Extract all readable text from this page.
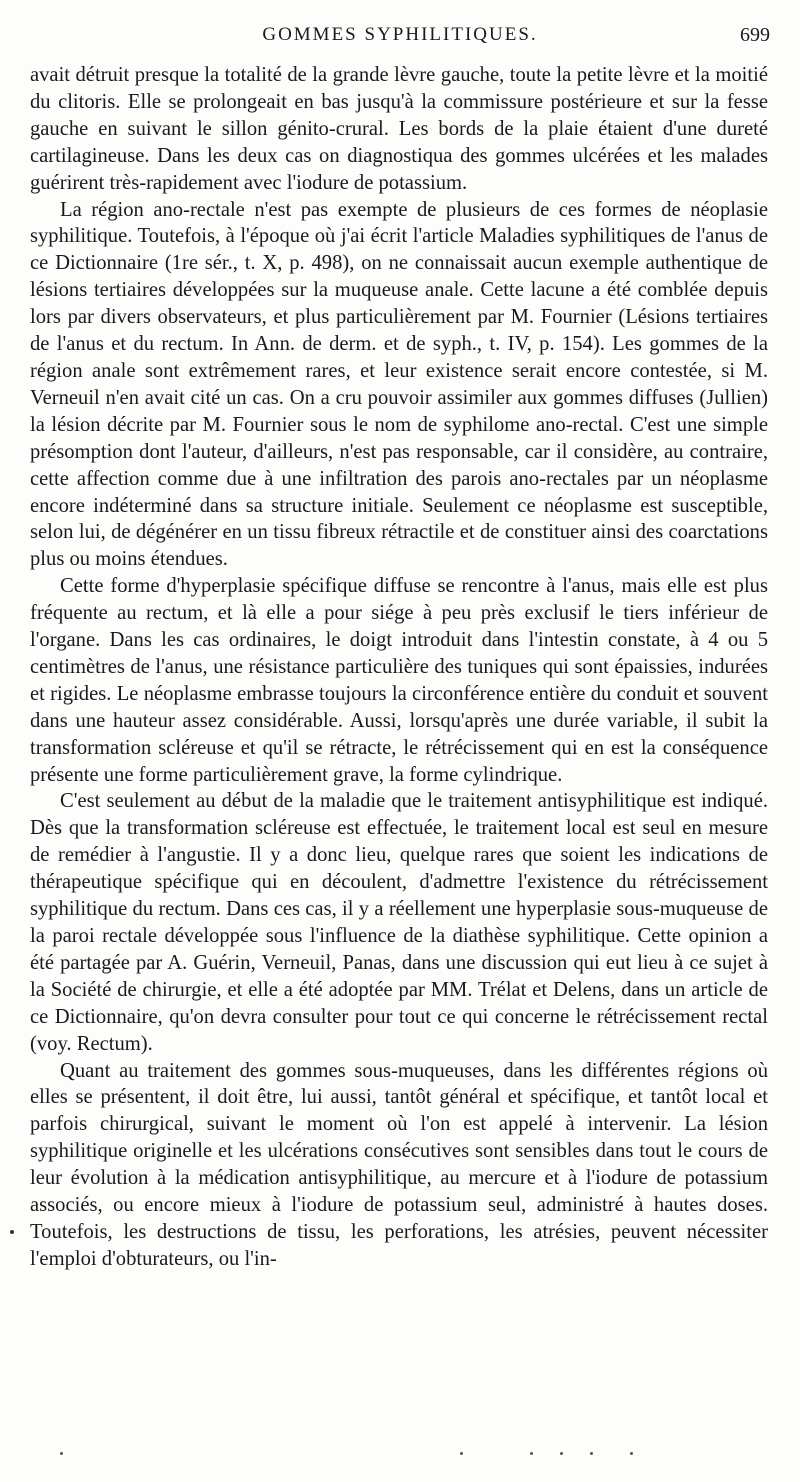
GOMMES SYPHILITIQUES.	699

avait détruit presque la totalité de la grande lèvre gauche, toute la petite lèvre et la moitié du clitoris. Elle se prolongeait en bas jusqu'à la commissure postérieure et sur la fesse gauche en suivant le sillon génito-crural. Les bords de la plaie étaient d'une dureté cartilagineuse. Dans les deux cas on diagnostiqua des gommes ulcérées et les malades guérirent très-rapidement avec l'iodure de potassium.

La région ano-rectale n'est pas exempte de plusieurs de ces formes de néoplasie syphilitique. Toutefois, à l'époque où j'ai écrit l'article Maladies syphilitiques de l'anus de ce Dictionnaire (1re sér., t. X, p. 498), on ne connaissait aucun exemple authentique de lésions tertiaires développées sur la muqueuse anale. Cette lacune a été comblée depuis lors par divers observateurs, et plus particulièrement par M. Fournier (Lésions tertiaires de l'anus et du rectum. In Ann. de derm. et de syph., t. IV, p. 154). Les gommes de la région anale sont extrêmement rares, et leur existence serait encore contestée, si M. Verneuil n'en avait cité un cas. On a cru pouvoir assimiler aux gommes diffuses (Jullien) la lésion décrite par M. Fournier sous le nom de syphilome ano-rectal. C'est une simple présomption dont l'auteur, d'ailleurs, n'est pas responsable, car il considère, au contraire, cette affection comme due à une infiltration des parois ano-rectales par un néoplasme encore indéterminé dans sa structure initiale. Seulement ce néoplasme est susceptible, selon lui, de dégénérer en un tissu fibreux rétractile et de constituer ainsi des coarctations plus ou moins étendues.

Cette forme d'hyperplasie spécifique diffuse se rencontre à l'anus, mais elle est plus fréquente au rectum, et là elle a pour siége à peu près exclusif le tiers inférieur de l'organe. Dans les cas ordinaires, le doigt introduit dans l'intestin constate, à 4 ou 5 centimètres de l'anus, une résistance particulière des tuniques qui sont épaissies, indurées et rigides. Le néoplasme embrasse toujours la circonférence entière du conduit et souvent dans une hauteur assez considérable. Aussi, lorsqu'après une durée variable, il subit la transformation scléreuse et qu'il se rétracte, le rétrécissement qui en est la conséquence présente une forme particulièrement grave, la forme cylindrique.

C'est seulement au début de la maladie que le traitement antisyphilitique est indiqué. Dès que la transformation scléreuse est effectuée, le traitement local est seul en mesure de remédier à l'angustie. Il y a donc lieu, quelque rares que soient les indications de thérapeutique spécifique qui en découlent, d'admettre l'existence du rétrécissement syphilitique du rectum. Dans ces cas, il y a réellement une hyperplasie sous-muqueuse de la paroi rectale développée sous l'influence de la diathèse syphilitique. Cette opinion a été partagée par A. Guérin, Verneuil, Panas, dans une discussion qui eut lieu à ce sujet à la Société de chirurgie, et elle a été adoptée par MM. Trélat et Delens, dans un article de ce Dictionnaire, qu'on devra consulter pour tout ce qui concerne le rétrécissement rectal (voy. Rectum).

Quant au traitement des gommes sous-muqueuses, dans les différentes régions où elles se présentent, il doit être, lui aussi, tantôt général et spécifique, et tantôt local et parfois chirurgical, suivant le moment où l'on est appelé à intervenir. La lésion syphilitique originelle et les ulcérations consécutives sont sensibles dans tout le cours de leur évolution à la médication antisyphilitique, au mercure et à l'iodure de potassium associés, ou encore mieux à l'iodure de potassium seul, administré à hautes doses. Toutefois, les destructions de tissu, les perforations, les atrésies, peuvent nécessiter l'emploi d'obturateurs, ou l'in-
